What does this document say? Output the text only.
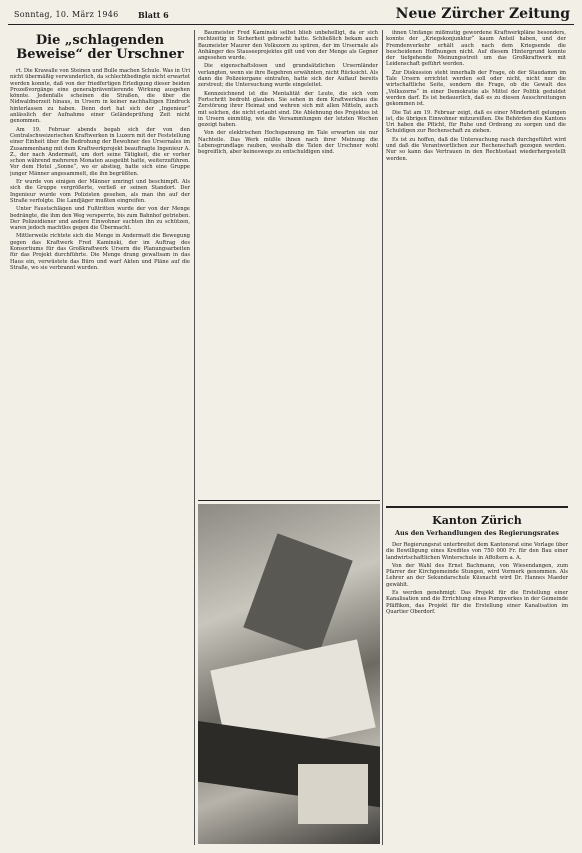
Sonntag, 10. März 1946 Blatt 6	Neue Zürcher Zeitung
Die „schlagenden Beweise“ der Urschner

rt. Die Krawalle von Steinen und Bulle machen Schule. Was in Uri nicht übermäßig verwunderlich, da schlechtbedingte nicht erwartet werden konnte, daß von der friedfertigen Erledigung dieser beiden Prozeßvorgänge eine generalpräventierende Wirkung ausgehen könnte. Jedenfalls scheinen die Straßen, die über die Nidwaldnerzeit hinaus, in Ursern in keiner nachhaltigen Eindruck hinterlassen zu haben. Denn dort hat sich der „Ingenieur“ anlässlich der Aufnahme einer Geländeprüfung Zeit nicht genommen.

Am 19. Februar abends begab sich der von den Centralschweizerischen Kraftwerken in Luzern mit der Feststellung einer Einheit über die Bedrohung der Bewohner des Ursernales im Zusammenhang mit dem Kraftwerkprojekt beauftragte Ingenieur A. Z., der nach Andermatt, um dort seine Tätigkeit, die er vorher schon während mehreren Monaten ausgeübt hatte, weiterzuführen. Vor dem Hotel „Sonne“, wo er abstieg, hatte sich eine Gruppe junger Männer angesammelt, die ihn begrüßten.

Er wurde von einigen der Männer umringt und beschimpft. Als sich die Gruppe vergrößerte, verließ er seinen Standort. Der Ingenieur wurde vom Polizisten gesehen, als man ihn auf der Straße verfolgte. Die Landjäger mußten eingreifen.

Unter Faustschlägen und Fußtritten wurde der von der Menge bedrängte, die ihm den Weg versperrte, bis zum Bahnhof getrieben. Der Polizeidiener und andere Einwohner suchten ihn zu schützen, waren jedoch machtlos gegen die Übermacht.

Mittlerweile richtete sich die Menge in Andermatt die Bewegung gegen das Kraftwerk Fred Kaminski, der im Auftrag des Konsortiums für das Großkraftwerk Ursern die Planungsarbeiten für das Projekt durchführte. Die Menge drang gewaltsam in das Haus ein, verwüstete das Büro und warf Akten und Pläne auf die Straße, wo sie verbrannt wurden.

Baumeister Fred Kaminski selbst blieb unbehelligt, da er sich rechtzeitig in Sicherheit gebracht hatte. Schließlich bekam auch Baumeister Maurer den Volkszorn zu spüren, der im Ursernale als Anhänger des Stauseeprojektes gilt und von der Menge als Gegner angesehen wurde.

Die eigenschaftslosen und grundsätzlichen Ursernländer verlangten, wenn sie ihre Begehren erwähnten, nicht Rücksicht. Als dann die Polizeiorgane eintrafen, hatte sich der Auflauf bereits zerstreut; die Untersuchung wurde eingeleitet.

Kennzeichnend ist die Mentalität der Leute, die sich vom Fortschritt bedroht glauben. Sie sehen in dem Kraftwerkbau die Zerstörung ihrer Heimat und wehren sich mit allen Mitteln, auch mit solchen, die nicht erlaubt sind. Die Ablehnung des Projektes ist in Ursern einmütig, wie die Versammlungen der letzten Wochen gezeigt haben.

Von der elektrischen Hochspannung im Tale erwarten sie nur Nachteile. Das Werk müßte ihnen nach ihrer Meinung die Lebensgrundlage rauben, weshalb die Taten der Urschner wohl begreiflich, aber keineswegs zu entschuldigen sind.

ihnen Umfange mißmutig gewordene Kraftwerkpläne besonders, konnte der „Kriegskonjunktur“ kaum Anteil haben, und der Fremdenverkehr erhält auch nach dem Kriegsende die bescheidenen Hoffnungen nicht. Auf diesem Hintergrund konnte der tiefgehende Meinungsstreit um das Großkraftwerk mit Leidenschaft geführt werden.

Zur Diskussion steht innerhalb der Frage, ob der Staudamm im Tale Ursern errichtet werden soll oder nicht, nicht nur die wirtschaftliche Seite, sondern die Frage, ob die Gewalt des „Volkszorns“ in einer Demokratie als Mittel der Politik geduldet werden darf. Es ist bedauerlich, daß es zu diesen Ausschreitungen gekommen ist.

Die Tat am 19. Februar zeigt, daß es einer Minderheit gelungen ist, die übrigen Einwohner mitzureißen. Die Behörden des Kantons Uri haben die Pflicht, für Ruhe und Ordnung zu sorgen und die Schuldigen zur Rechenschaft zu ziehen.

Es ist zu hoffen, daß die Untersuchung rasch durchgeführt wird und daß die Verantwortlichen zur Rechenschaft gezogen werden. Nur so kann das Vertrauen in den Rechtsstaat wiederhergestellt werden.

Kanton Zürich
Aus den Verhandlungen des Regierungsrates

Der Regierungsrat unterbreitet dem Kantonsrat eine Vorlage über die Bewilligung eines Kredites von 750 000 Fr. für den Bau einer landwirtschaftlichen Winterschule in Affoltern a. A.

Von der Wahl des Ernst Bachmann, von Wiesendangen, zum Pfarrer der Kirchgemeinde Stungen, wird Vormerk genommen. Als Lehrer an der Sekundarschule Küsnacht wird Dr. Hannes Maeder gewählt.

Es werden genehmigt: Das Projekt für die Erstellung einer Kanalisation und die Errichtung eines Pumpwerkes in der Gemeinde Pfäffikon, das Projekt für die Erstellung einer Kanalisation im Quartier Oberdorf.
